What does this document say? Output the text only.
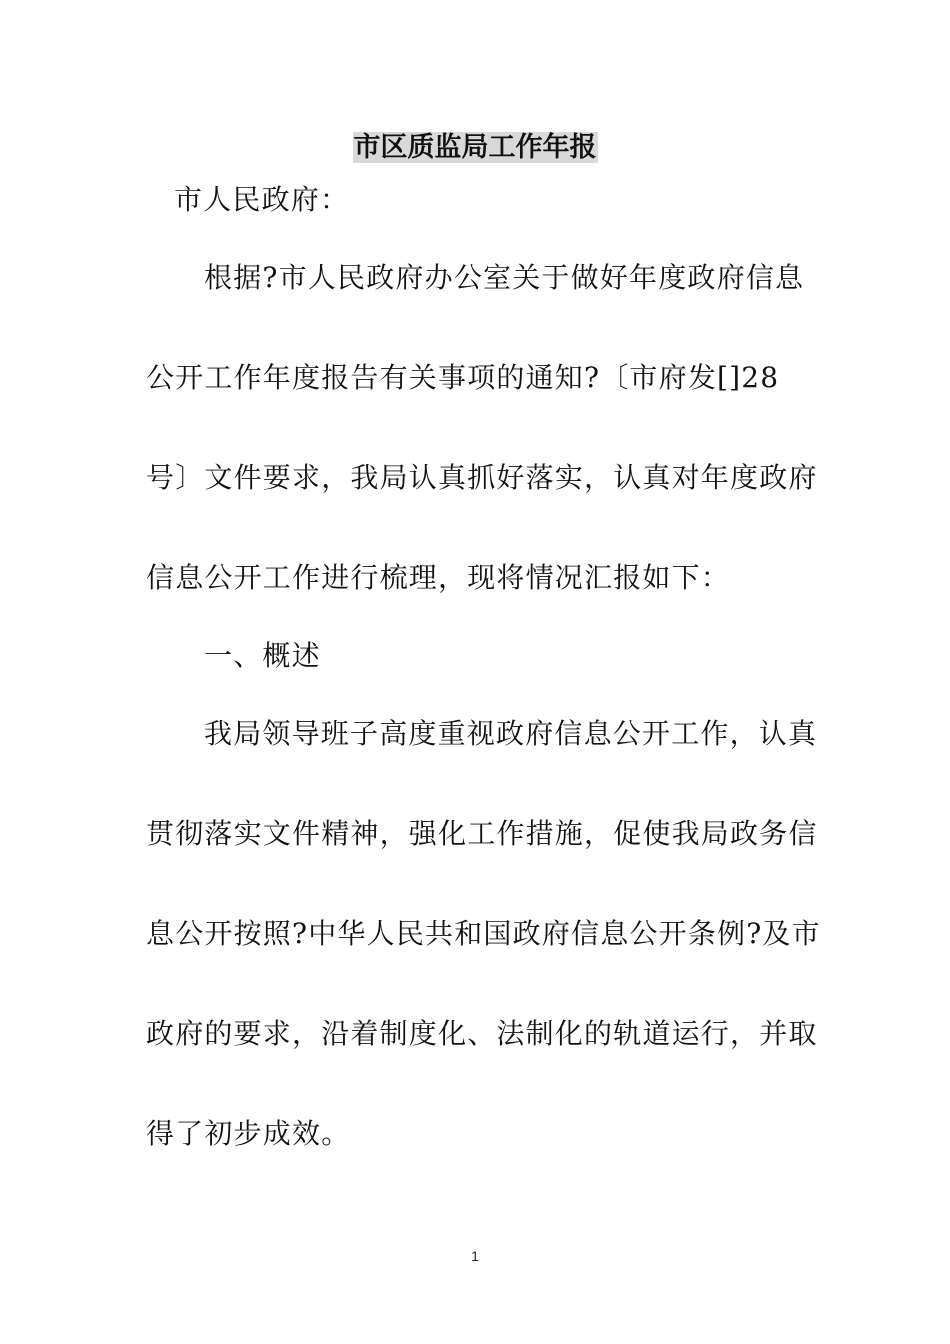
市区质监局工作年报
市人民政府：
根据?市人民政府办公室关于做好年度政府信息
公开工作年度报告有关事项的通知?〔市府发[]28
号〕文件要求，我局认真抓好落实，认真对年度政府
信息公开工作进行梳理，现将情况汇报如下：
一、概述
我局领导班子高度重视政府信息公开工作，认真
贯彻落实文件精神，强化工作措施，促使我局政务信
息公开按照?中华人民共和国政府信息公开条例?及市
政府的要求，沿着制度化、法制化的轨道运行，并取
得了初步成效。
1
